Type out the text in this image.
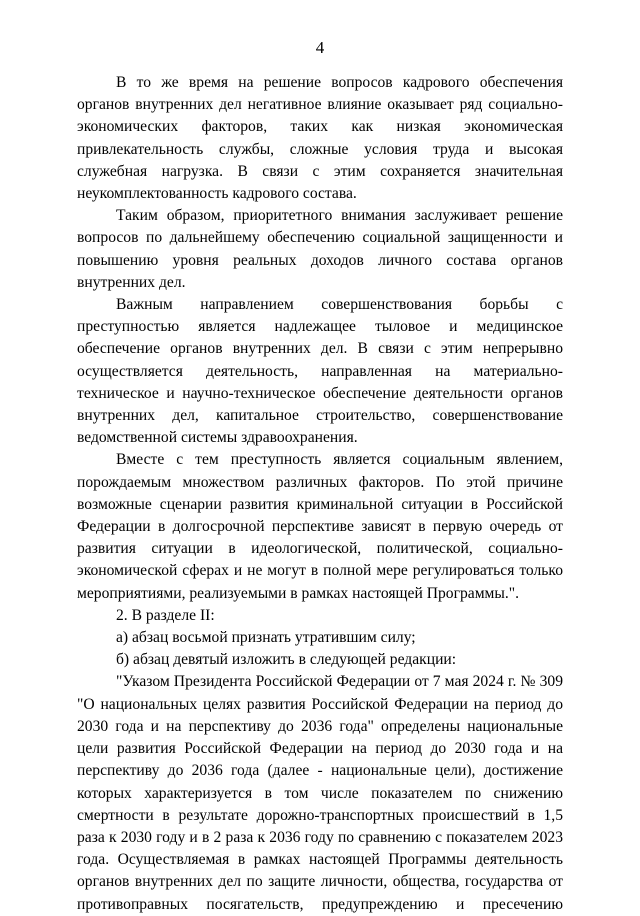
4

В то же время на решение вопросов кадрового обеспечения органов внутренних дел негативное влияние оказывает ряд социально-экономических факторов, таких как низкая экономическая привлекательность службы, сложные условия труда и высокая служебная нагрузка. В связи с этим сохраняется значительная неукомплектованность кадрового состава.

Таким образом, приоритетного внимания заслуживает решение вопросов по дальнейшему обеспечению социальной защищенности и повышению уровня реальных доходов личного состава органов внутренних дел.

Важным направлением совершенствования борьбы с преступностью является надлежащее тыловое и медицинское обеспечение органов внутренних дел. В связи с этим непрерывно осуществляется деятельность, направленная на материально-техническое и научно-техническое обеспечение деятельности органов внутренних дел, капитальное строительство, совершенствование ведомственной системы здравоохранения.

Вместе с тем преступность является социальным явлением, порождаемым множеством различных факторов. По этой причине возможные сценарии развития криминальной ситуации в Российской Федерации в долгосрочной перспективе зависят в первую очередь от развития ситуации в идеологической, политической, социально-экономической сферах и не могут в полной мере регулироваться только мероприятиями, реализуемыми в рамках настоящей Программы.".

2. В разделе II:

а) абзац восьмой признать утратившим силу;

б) абзац девятый изложить в следующей редакции:

"Указом Президента Российской Федерации от 7 мая 2024 г. № 309 "О национальных целях развития Российской Федерации на период до 2030 года и на перспективу до 2036 года" определены национальные цели развития Российской Федерации на период до 2030 года и на перспективу до 2036 года (далее - национальные цели), достижение которых характеризуется в том числе показателем по снижению смертности в результате дорожно-транспортных происшествий в 1,5 раза к 2030 году и в 2 раза к 2036 году по сравнению с показателем 2023 года. Осуществляемая в рамках настоящей Программы деятельность органов внутренних дел по защите личности, общества, государства от противоправных посягательств, предупреждению и пресечению
